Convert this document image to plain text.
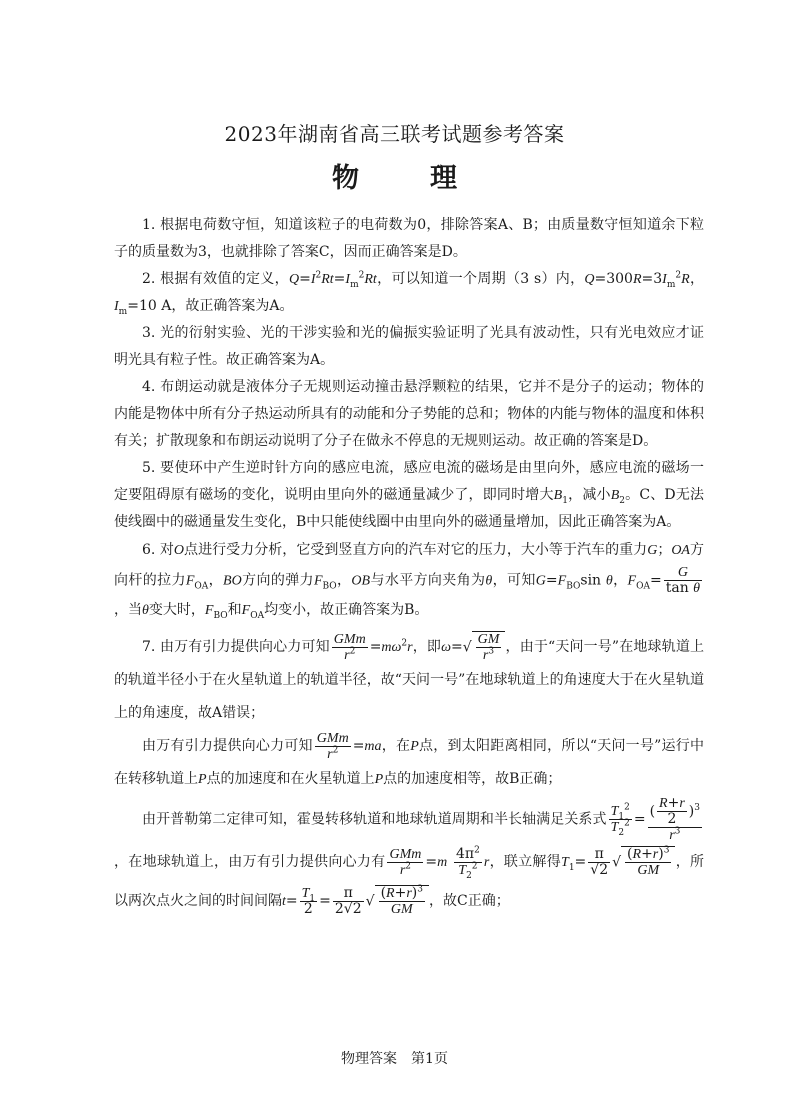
2023年湖南省高三联考试题参考答案
物　理

1. 根据电荷数守恒，知道该粒子的电荷数为0，排除答案A、B；由质量数守恒知道余下粒子的质量数为3，也就排除了答案C，因而正确答案是D。

2. 根据有效值的定义，$Q=I^2Rt=I_m^2Rt$，可以知道一个周期（3 s）内，$Q=300R=3I_m^2R$，$I_m=10$ A，故正确答案为A。

3. 光的衍射实验、光的干涉实验和光的偏振实验证明了光具有波动性，只有光电效应才证明光具有粒子性。故正确答案为A。

4. 布朗运动就是液体分子无规则运动撞击悬浮颗粒的结果，它并不是分子的运动；物体的内能是物体中所有分子热运动所具有的动能和分子势能的总和；物体的内能与物体的温度和体积有关；扩散现象和布朗运动说明了分子在做永不停息的无规则运动。故正确的答案是D。

5. 要使环中产生逆时针方向的感应电流，感应电流的磁场是由里向外，感应电流的磁场一定要阻碍原有磁场的变化，说明由里向外的磁通量减少了，即同时增大$B_1$，减小$B_2$。C、D无法使线圈中的磁通量发生变化，B中只能使线圈中由里向外的磁通量增加，因此正确答案为A。

6. 对O点进行受力分析，它受到竖直方向的汽车对它的压力，大小等于汽车的重力G；OA方向杆的拉力$F_{OA}$，BO方向的弹力$F_{BO}$，OB与水平方向夹角为θ，可知$G=F_{BO}\sin$ θ，$F_{OA}= \frac{G}{\text{tan θ}}$
，当θ变大时，$F_{BO}$和$F_{OA}$均变小，故正确答案为B。

7. 由万有引力提供向心力可知 $\frac{\text{GMm}}{r^2} =m\omega^2r$，即$\omega=√ \frac{GM}{r^3}$ ，由于“天问一号”在地球轨道上的轨道半径小于在火星轨道上的轨道半径，故“天问一号”在地球轨道上的角速度大于在火星轨道上的角速度，故A错误；

由万有引力提供向心力可知 $\frac{\text{GMm}}{r^2} =ma$，在P点，到太阳距离相同，所以“天问一号”运行中在转移轨道上P点的加速度和在火星轨道上P点的加速度相等，故B正确；

由开普勒第二定律可知，霍曼转移轨道和地球轨道周期和半长轴满足关系式 $\frac{T_1^2}{T_2^2} = \frac{( \frac{R+r}{2} )^3}{r^3}$
，在地球轨道上，由万有引力提供向心力有 $\frac{\text{GMm}}{r^2} =m \frac{4\pi^2}{T_2^2}$ r，联立解得$T_1= \frac{\pi}{√2}$ √ $\frac{(R+r)^3}{GM}$ ，所以两次点火之间的时间间隔$t= \frac{T_1}{2} = \frac{\pi}{2√2}$ √ $\frac{(R+r)^3}{GM}$ ，故C正确；

物理答案　第1页
